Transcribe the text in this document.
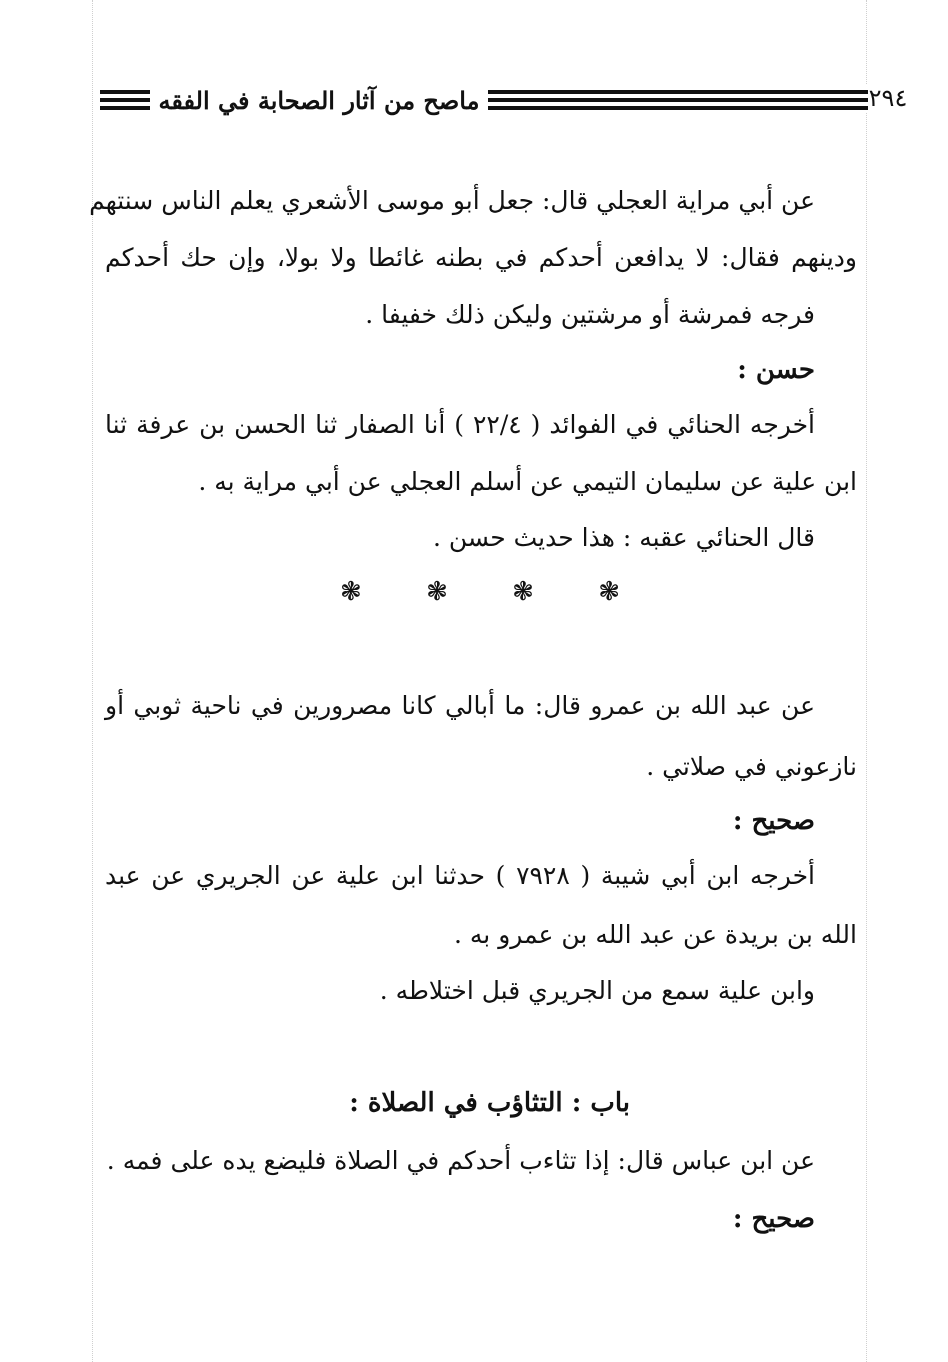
ماصح من آثار الصحابة في الفقه	٢٩٤
عن أبي مراية العجلي قال: جعل أبو موسى الأشعري يعلم الناس سنتهم
ودينهم فقال: لا يدافعن أحدكم في بطنه غائطا ولا بولا، وإن حك أحدكم
فرجه فمرشة أو مرشتين وليكن ذلك خفيفا .
حسن :
أخرجه الحنائي في الفوائد ( ٢٢/٤ ) أنا الصفار ثنا الحسن بن عرفة ثنا
ابن علية عن سليمان التيمي عن أسلم العجلي عن أبي مراية به .
قال الحنائي عقبه : هذا حديث حسن .
❃ ❃ ❃ ❃
عن عبد الله بن عمرو قال: ما أبالي كانا مصرورين في ناحية ثوبي أو
نازعوني في صلاتي .
صحيح :
أخرجه ابن أبي شيبة ( ٧٩٢٨ ) حدثنا ابن علية عن الجريري عن عبد
الله بن بريدة عن عبد الله بن عمرو به .
وابن علية سمع من الجريري قبل اختلاطه .
باب : التثاؤب في الصلاة :
عن ابن عباس قال: إذا تثاءب أحدكم في الصلاة فليضع يده على فمه .
صحيح :
